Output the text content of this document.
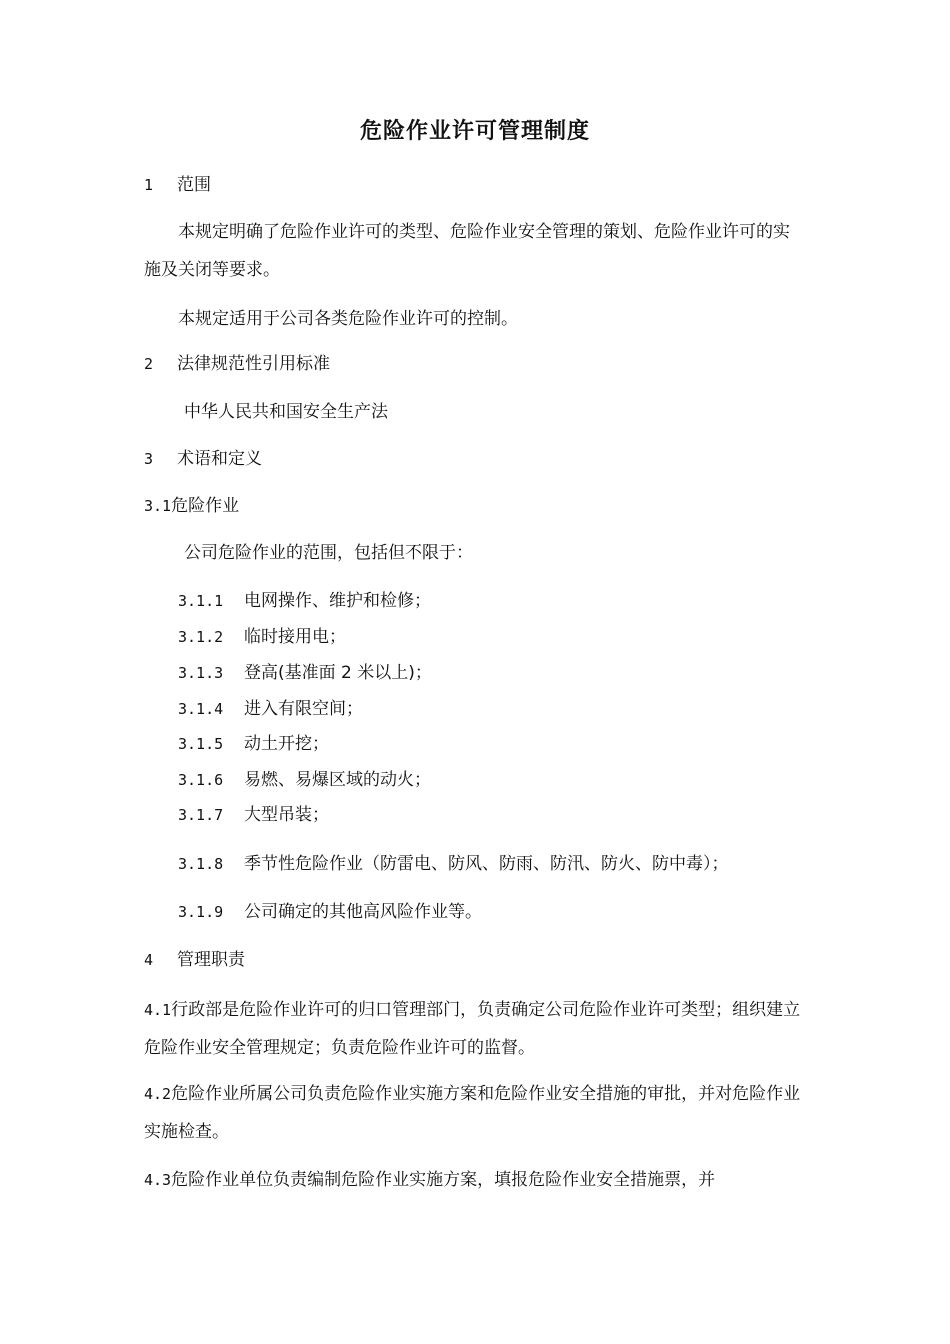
危险作业许可管理制度
1 范围
本规定明确了危险作业许可的类型、危险作业安全管理的策划、危险作业许可的实施及关闭等要求。
本规定适用于公司各类危险作业许可的控制。
2 法律规范性引用标准
中华人民共和国安全生产法
3 术语和定义
3.1危险作业
公司危险作业的范围，包括但不限于：
3.1.1 电网操作、维护和检修；
3.1.2 临时接用电；
3.1.3 登高(基准面 2 米以上)；
3.1.4 进入有限空间；
3.1.5 动土开挖；
3.1.6 易燃、易爆区域的动火；
3.1.7 大型吊装；
3.1.8 季节性危险作业（防雷电、防风、防雨、防汛、防火、防中毒）；
3.1.9 公司确定的其他高风险作业等。
4 管理职责
4.1行政部是危险作业许可的归口管理部门，负责确定公司危险作业许可类型；组织建立危险作业安全管理规定；负责危险作业许可的监督。
4.2危险作业所属公司负责危险作业实施方案和危险作业安全措施的审批，并对危险作业实施检查。
4.3危险作业单位负责编制危险作业实施方案，填报危险作业安全措施票，并
